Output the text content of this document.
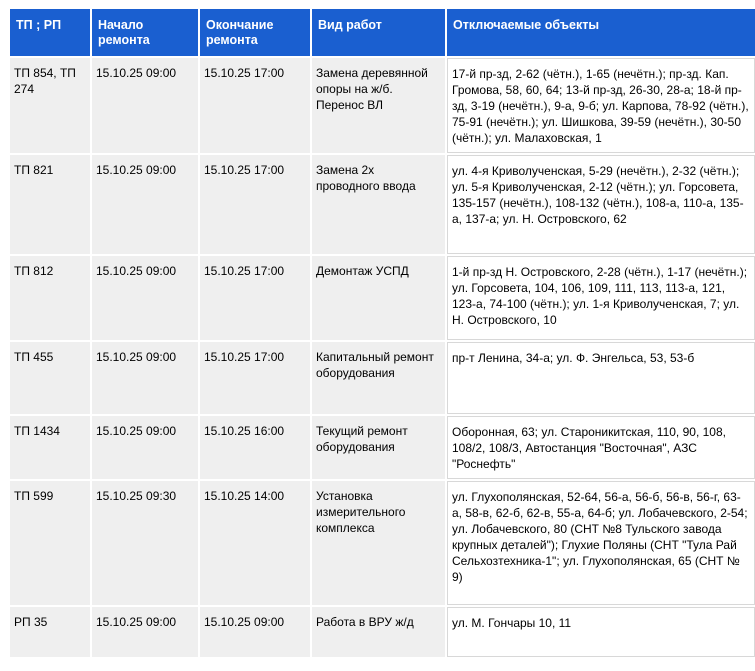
ТП ; РП	Начало ремонта	Окончание ремонта	Вид работ	Отключаемые объекты
ТП 854, ТП 274	15.10.25 09:00	15.10.25 17:00	Замена деревянной опоры на ж/б. Перенос ВЛ	17-й пр-зд, 2-62 (чётн.), 1-65 (нечётн.); пр-зд. Кап. Громова, 58, 60, 64; 13-й пр-зд, 26-30, 28-а; 18-й пр-зд, 3-19 (нечётн.), 9-а, 9-б; ул. Карпова, 78-92 (чётн.), 75-91 (нечётн.); ул. Шишкова, 39-59 (нечётн.), 30-50 (чётн.); ул. Малаховская, 1
ТП 821	15.10.25 09:00	15.10.25 17:00	Замена 2х проводного ввода	ул. 4-я Криволученская, 5-29 (нечётн.), 2-32 (чётн.); ул. 5-я Криволученская, 2-12 (чётн.); ул. Горсовета, 135-157 (нечётн.), 108-132 (чётн.), 108-а, 110-а, 135-а, 137-а; ул. Н. Островского, 62
ТП 812	15.10.25 09:00	15.10.25 17:00	Демонтаж УСПД	1-й пр-зд Н. Островского, 2-28 (чётн.), 1-17 (нечётн.); ул. Горсовета, 104, 106, 109, 111, 113, 113-а, 121, 123-а, 74-100 (чётн.); ул. 1-я Криволученская, 7; ул. Н. Островского, 10
ТП 455	15.10.25 09:00	15.10.25 17:00	Капитальный ремонт оборудования	пр-т Ленина, 34-а; ул. Ф. Энгельса, 53, 53-б
ТП 1434	15.10.25 09:00	15.10.25 16:00	Текущий ремонт оборудования	Оборонная, 63; ул. Староникитская, 110, 90, 108, 108/2, 108/3, Автостанция "Восточная", АЗС "Роснефть"
ТП 599	15.10.25 09:30	15.10.25 14:00	Установка измерительного комплекса	ул. Глухополянская, 52-64, 56-а, 56-б, 56-в, 56-г, 63-а, 58-в, 62-б, 62-в, 55-а, 64-б; ул. Лобачевского, 2-54; ул. Лобачевского, 80 (СНТ №8 Тульского завода крупных деталей"); Глухие Поляны (СНТ "Тула Рай Сельхозтехника-1"; ул. Глухополянская, 65 (СНТ № 9)
РП 35	15.10.25 09:00	15.10.25 09:00	Работа в ВРУ ж/д	ул. М. Гончары 10, 11
